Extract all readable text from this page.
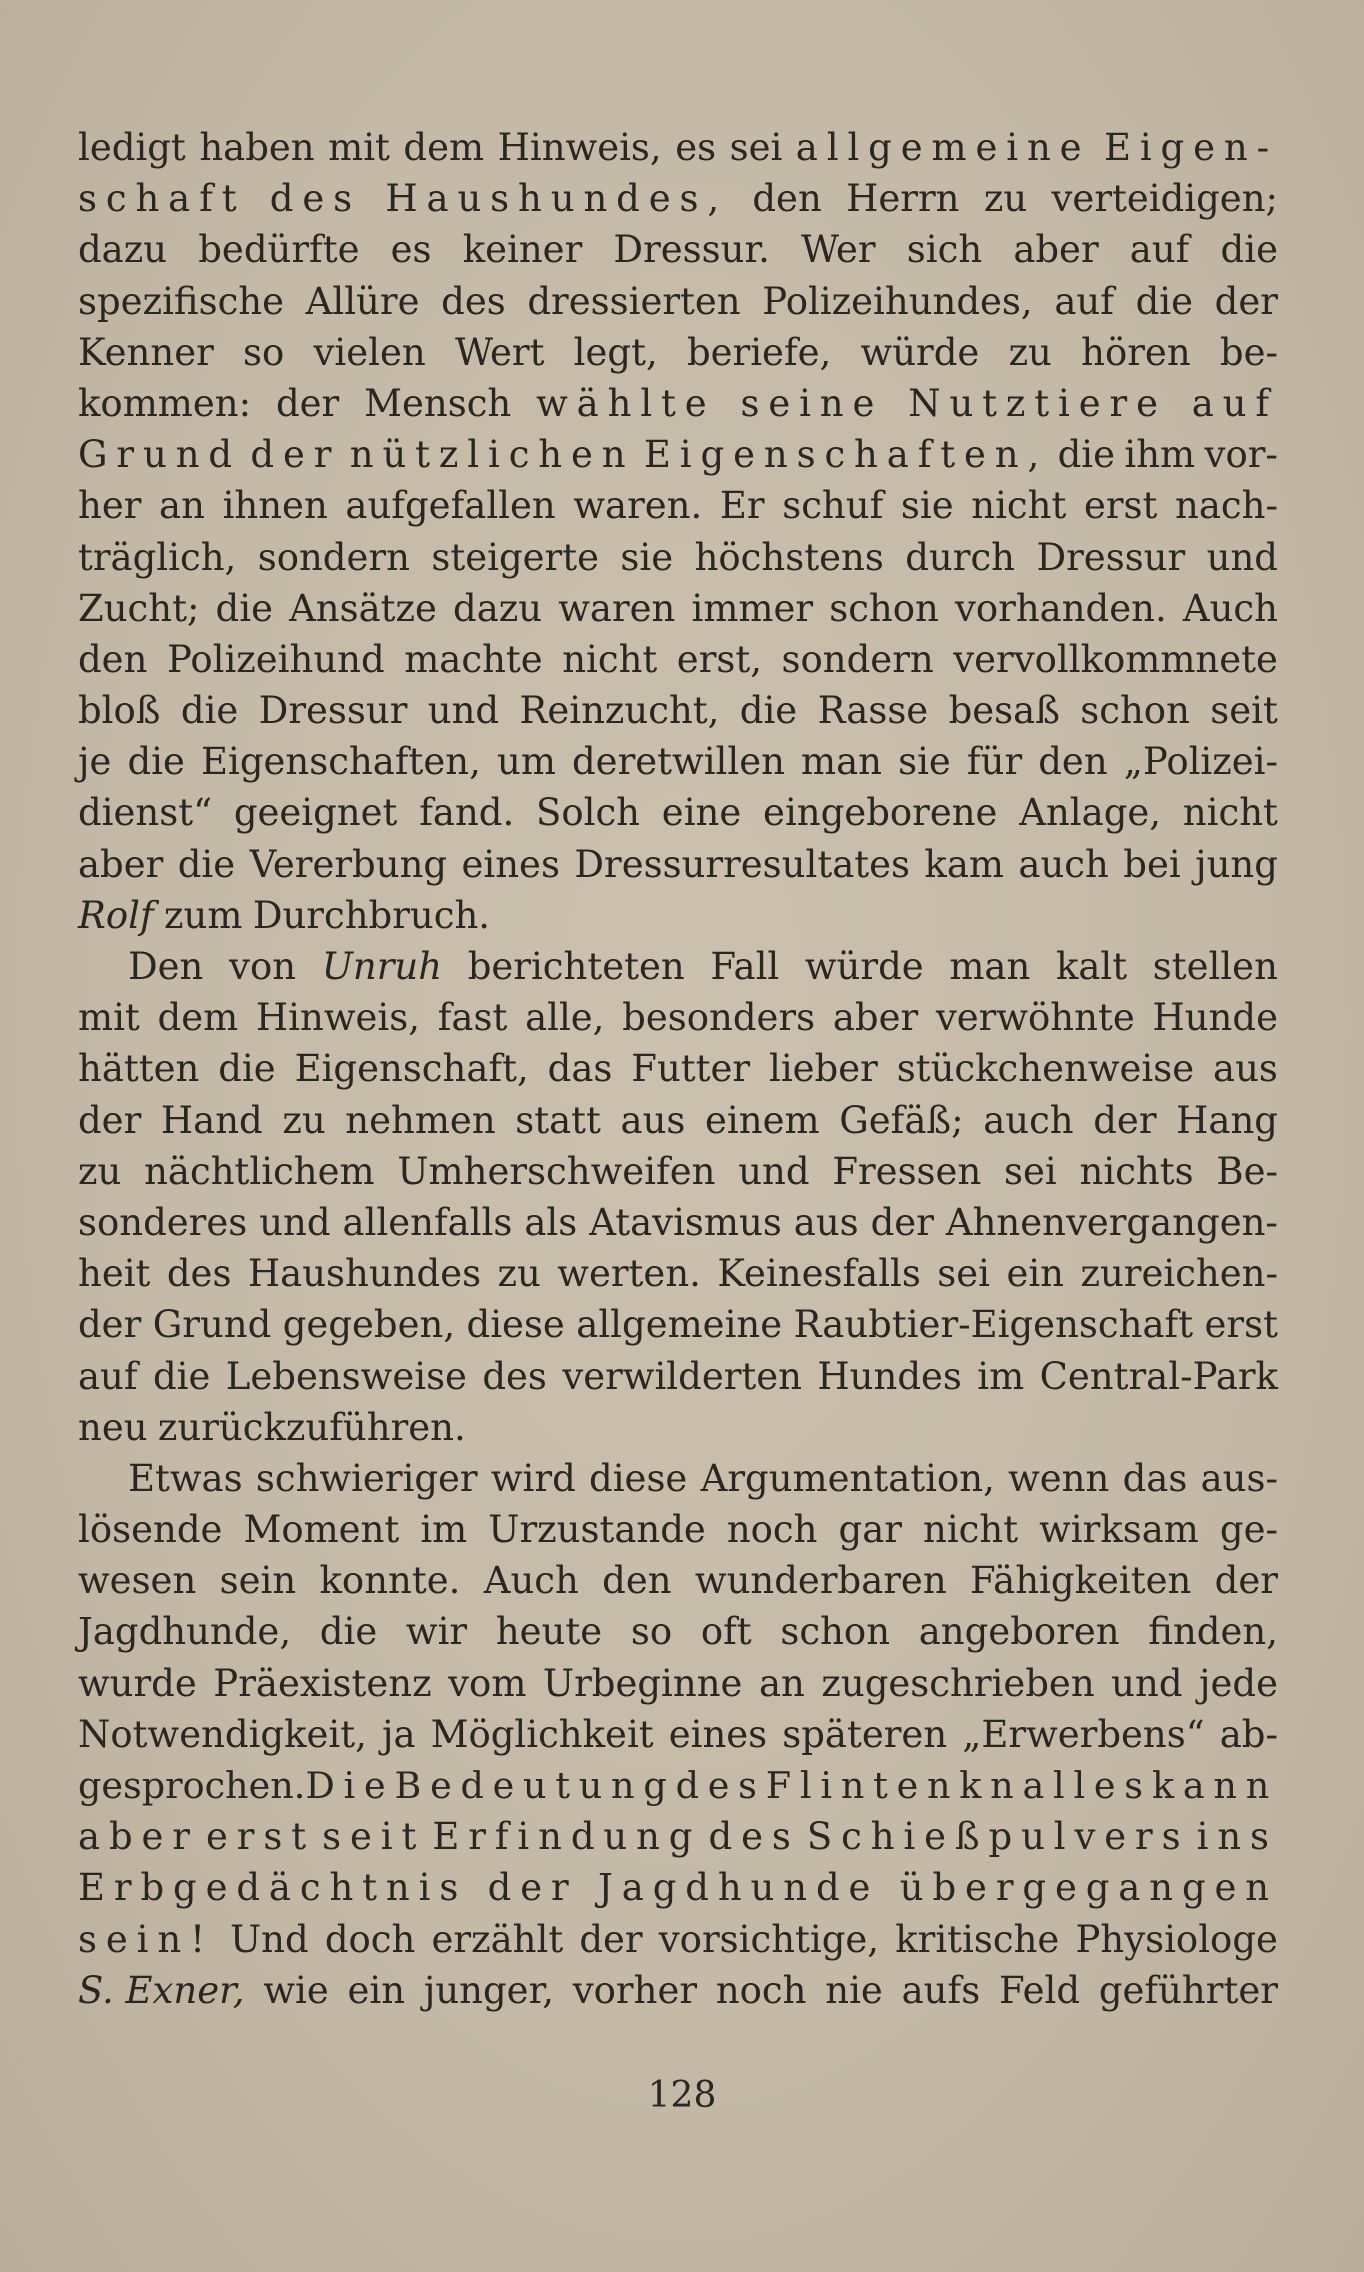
ledigt haben mit dem Hinweis, es sei allgemeine Eigen-
schaft des Haushundes, den Herrn zu verteidigen;
dazu bedürfte es keiner Dressur. Wer sich aber auf die
spezifische Allüre des dressierten Polizeihundes, auf die der
Kenner so vielen Wert legt, beriefe, würde zu hören be-
kommen: der Mensch wählte seine Nutztiere auf
Grund der nützlichen Eigenschaften, die ihm vor-
her an ihnen aufgefallen waren. Er schuf sie nicht erst nach-
träglich, sondern steigerte sie höchstens durch Dressur und
Zucht; die Ansätze dazu waren immer schon vorhanden. Auch
den Polizeihund machte nicht erst, sondern vervollkommnete
bloß die Dressur und Reinzucht, die Rasse besaß schon seit
je die Eigenschaften, um deretwillen man sie für den „Polizei-
dienst“ geeignet fand. Solch eine eingeborene Anlage, nicht
aber die Vererbung eines Dressurresultates kam auch bei jung
Rolf zum Durchbruch.
Den von Unruh berichteten Fall würde man kalt stellen
mit dem Hinweis, fast alle, besonders aber verwöhnte Hunde
hätten die Eigenschaft, das Futter lieber stückchenweise aus
der Hand zu nehmen statt aus einem Gefäß; auch der Hang
zu nächtlichem Umherschweifen und Fressen sei nichts Be-
sonderes und allenfalls als Atavismus aus der Ahnenvergangen-
heit des Haushundes zu werten. Keinesfalls sei ein zureichen-
der Grund gegeben, diese allgemeine Raubtier-Eigenschaft erst
auf die Lebensweise des verwilderten Hundes im Central-Park
neu zurückzuführen.
Etwas schwieriger wird diese Argumentation, wenn das aus-
lösende Moment im Urzustande noch gar nicht wirksam ge-
wesen sein konnte. Auch den wunderbaren Fähigkeiten der
Jagdhunde, die wir heute so oft schon angeboren finden,
wurde Präexistenz vom Urbeginne an zugeschrieben und jede
Notwendigkeit, ja Möglichkeit eines späteren „Erwerbens“ ab-
gesprochen. Die Bedeutung des Flintenknalles kann
aber erst seit Erfindung des Schießpulvers ins
Erbgedächtnis der Jagdhunde übergegangen
sein! Und doch erzählt der vorsichtige, kritische Physiologe
S. Exner, wie ein junger, vorher noch nie aufs Feld geführter
128
